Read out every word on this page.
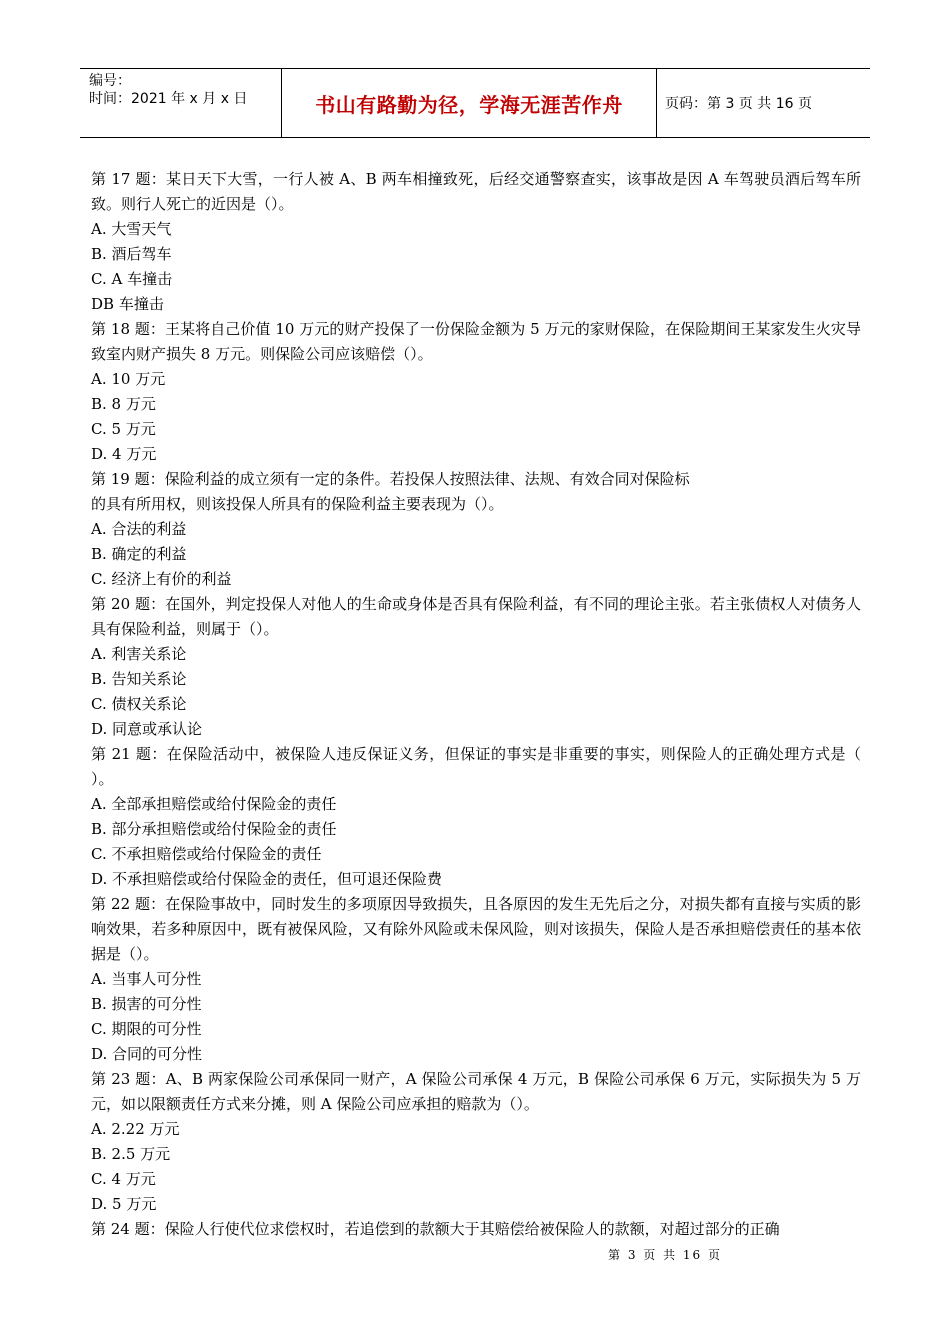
编号：
时间：2021 年 x 月 x 日	书山有路勤为径，学海无涯苦作舟	页码：第 3 页 共 16 页

第 17 题：某日天下大雪，一行人被 A、B 两车相撞致死，后经交通警察查实，该事故是因 A 车驾驶员酒后驾车所致。则行人死亡的近因是（）。

A. 大雪天气

B. 酒后驾车

C. A 车撞击

DB 车撞击

第 18 题：王某将自己价值 10 万元的财产投保了一份保险金额为 5 万元的家财保险，在保险期间王某家发生火灾导致室内财产损失 8 万元。则保险公司应该赔偿（）。

A. 10 万元

B. 8 万元

C. 5 万元

D. 4 万元

第 19 题：保险利益的成立须有一定的条件。若投保人按照法律、法规、有效合同对保险标

的具有所用权，则该投保人所具有的保险利益主要表现为（）。

A. 合法的利益

B. 确定的利益

C. 经济上有价的利益

第 20 题：在国外，判定投保人对他人的生命或身体是否具有保险利益，有不同的理论主张。若主张债权人对债务人具有保险利益，则属于（）。

A. 利害关系论

B. 告知关系论

C. 债权关系论

D. 同意或承认论

第 21 题：在保险活动中，被保险人违反保证义务，但保证的事实是非重要的事实，则保险人的正确处理方式是（ ）。

A. 全部承担赔偿或给付保险金的责任

B. 部分承担赔偿或给付保险金的责任

C. 不承担赔偿或给付保险金的责任

D. 不承担赔偿或给付保险金的责任，但可退还保险费

第 22 题：在保险事故中，同时发生的多项原因导致损失，且各原因的发生无先后之分，对损失都有直接与实质的影响效果，若多种原因中，既有被保风险，又有除外风险或未保风险，则对该损失，保险人是否承担赔偿责任的基本依据是（）。

A. 当事人可分性

B. 损害的可分性

C. 期限的可分性

D. 合同的可分性

第 23 题：A、B 两家保险公司承保同一财产，A 保险公司承保 4 万元，B 保险公司承保 6 万元，实际损失为 5 万元，如以限额责任方式来分摊，则 A 保险公司应承担的赔款为（）。

A. 2.22 万元

B. 2.5 万元

C. 4 万元

D. 5 万元

第 24 题：保险人行使代位求偿权时，若追偿到的款额大于其赔偿给被保险人的款额，对超过部分的正确

第 3 页 共 16 页
